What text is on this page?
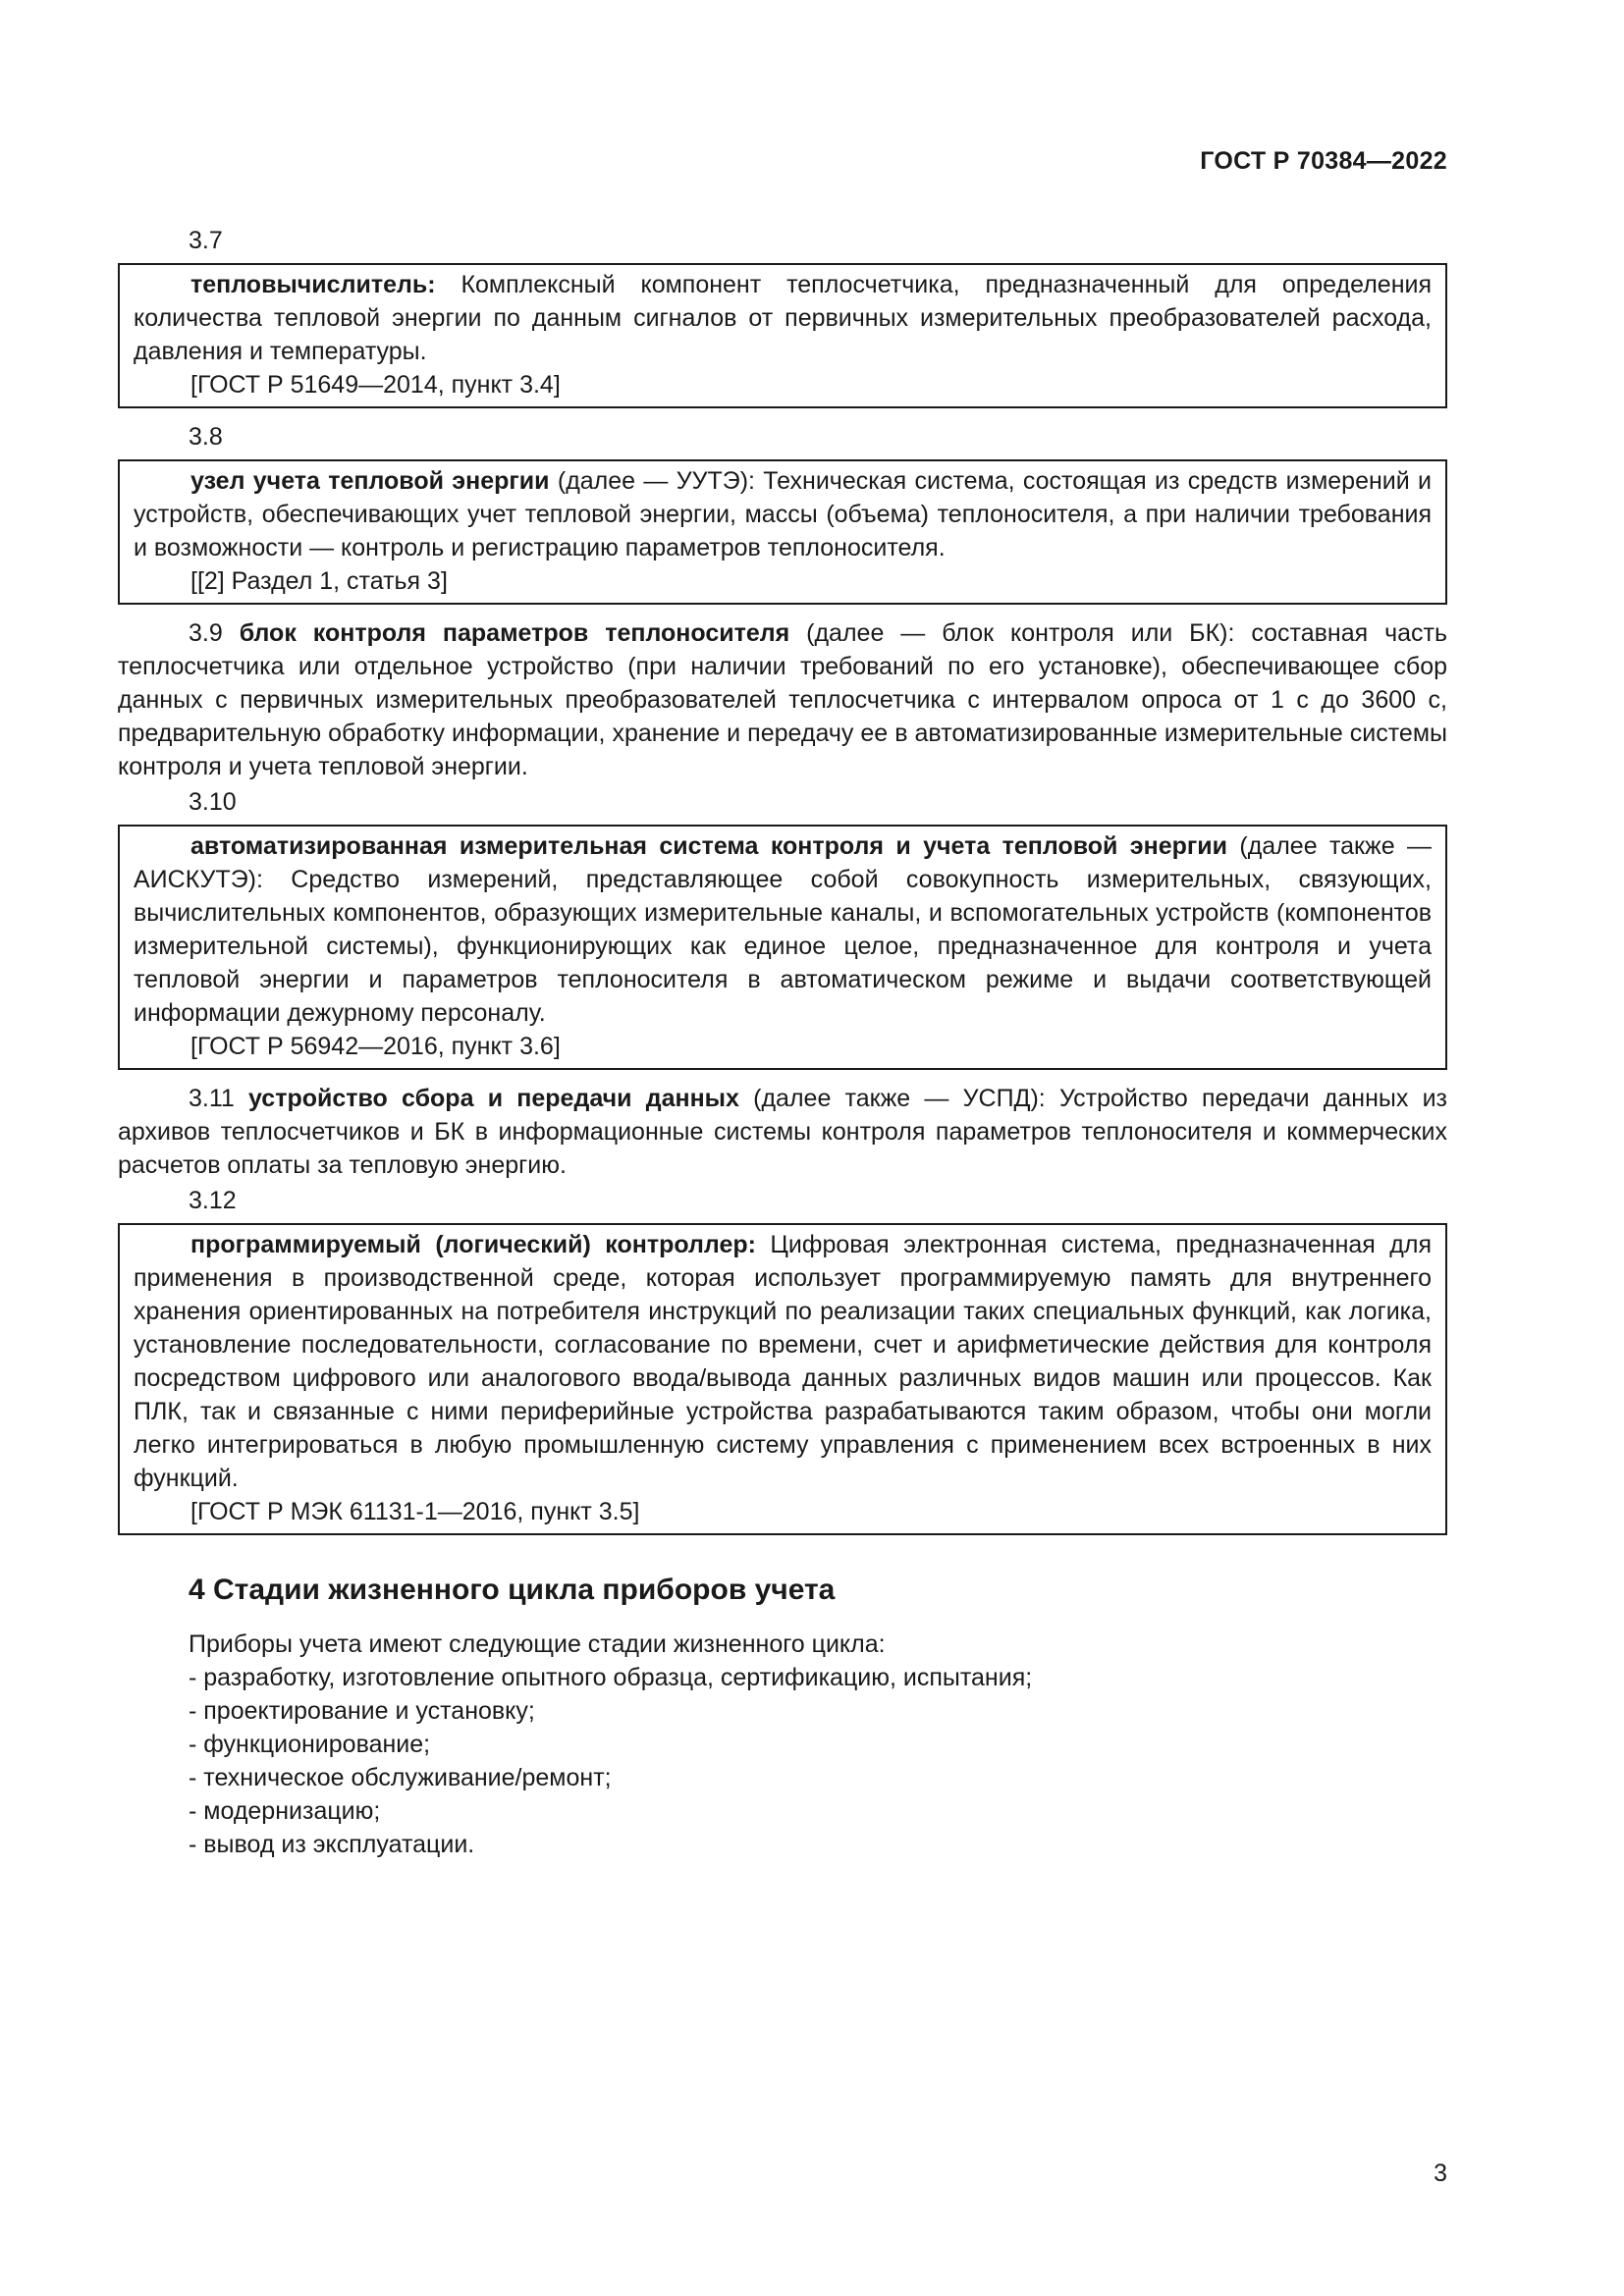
ГОСТ Р 70384—2022
3.7

тепловычислитель: Комплексный компонент теплосчетчика, предназначенный для определения количества тепловой энергии по данным сигналов от первичных измерительных преобразователей расхода, давления и температуры.

[ГОСТ Р 51649—2014, пункт 3.4]

3.8

узел учета тепловой энергии (далее — УУТЭ): Техническая система, состоящая из средств измерений и устройств, обеспечивающих учет тепловой энергии, массы (объема) теплоносителя, а при наличии требования и возможности — контроль и регистрацию параметров теплоносителя.

[[2] Раздел 1, статья 3]

3.9 блок контроля параметров теплоносителя (далее — блок контроля или БК): составная часть теплосчетчика или отдельное устройство (при наличии требований по его установке), обеспечивающее сбор данных с первичных измерительных преобразователей теплосчетчика с интервалом опроса от 1 с до 3600 с, предварительную обработку информации, хранение и передачу ее в автоматизированные измерительные системы контроля и учета тепловой энергии.

3.10

автоматизированная измерительная система контроля и учета тепловой энергии (далее также — АИСКУТЭ): Средство измерений, представляющее собой совокупность измерительных, связующих, вычислительных компонентов, образующих измерительные каналы, и вспомогательных устройств (компонентов измерительной системы), функционирующих как единое целое, предназначенное для контроля и учета тепловой энергии и параметров теплоносителя в автоматическом режиме и выдачи соответствующей информации дежурному персоналу.

[ГОСТ Р 56942—2016, пункт 3.6]

3.11 устройство сбора и передачи данных (далее также — УСПД): Устройство передачи данных из архивов теплосчетчиков и БК в информационные системы контроля параметров теплоносителя и коммерческих расчетов оплаты за тепловую энергию.

3.12

программируемый (логический) контроллер: Цифровая электронная система, предназначенная для применения в производственной среде, которая использует программируемую память для внутреннего хранения ориентированных на потребителя инструкций по реализации таких специальных функций, как логика, установление последовательности, согласование по времени, счет и арифметические действия для контроля посредством цифрового или аналогового ввода/вывода данных различных видов машин или процессов. Как ПЛК, так и связанные с ними периферийные устройства разрабатываются таким образом, чтобы они могли легко интегрироваться в любую промышленную систему управления с применением всех встроенных в них функций.

[ГОСТ Р МЭК 61131-1—2016, пункт 3.5]

4 Стадии жизненного цикла приборов учета

Приборы учета имеют следующие стадии жизненного цикла:

- разработку, изготовление опытного образца, сертификацию, испытания;
- проектирование и установку;
- функционирование;
- техническое обслуживание/ремонт;
- модернизацию;
- вывод из эксплуатации.
3
